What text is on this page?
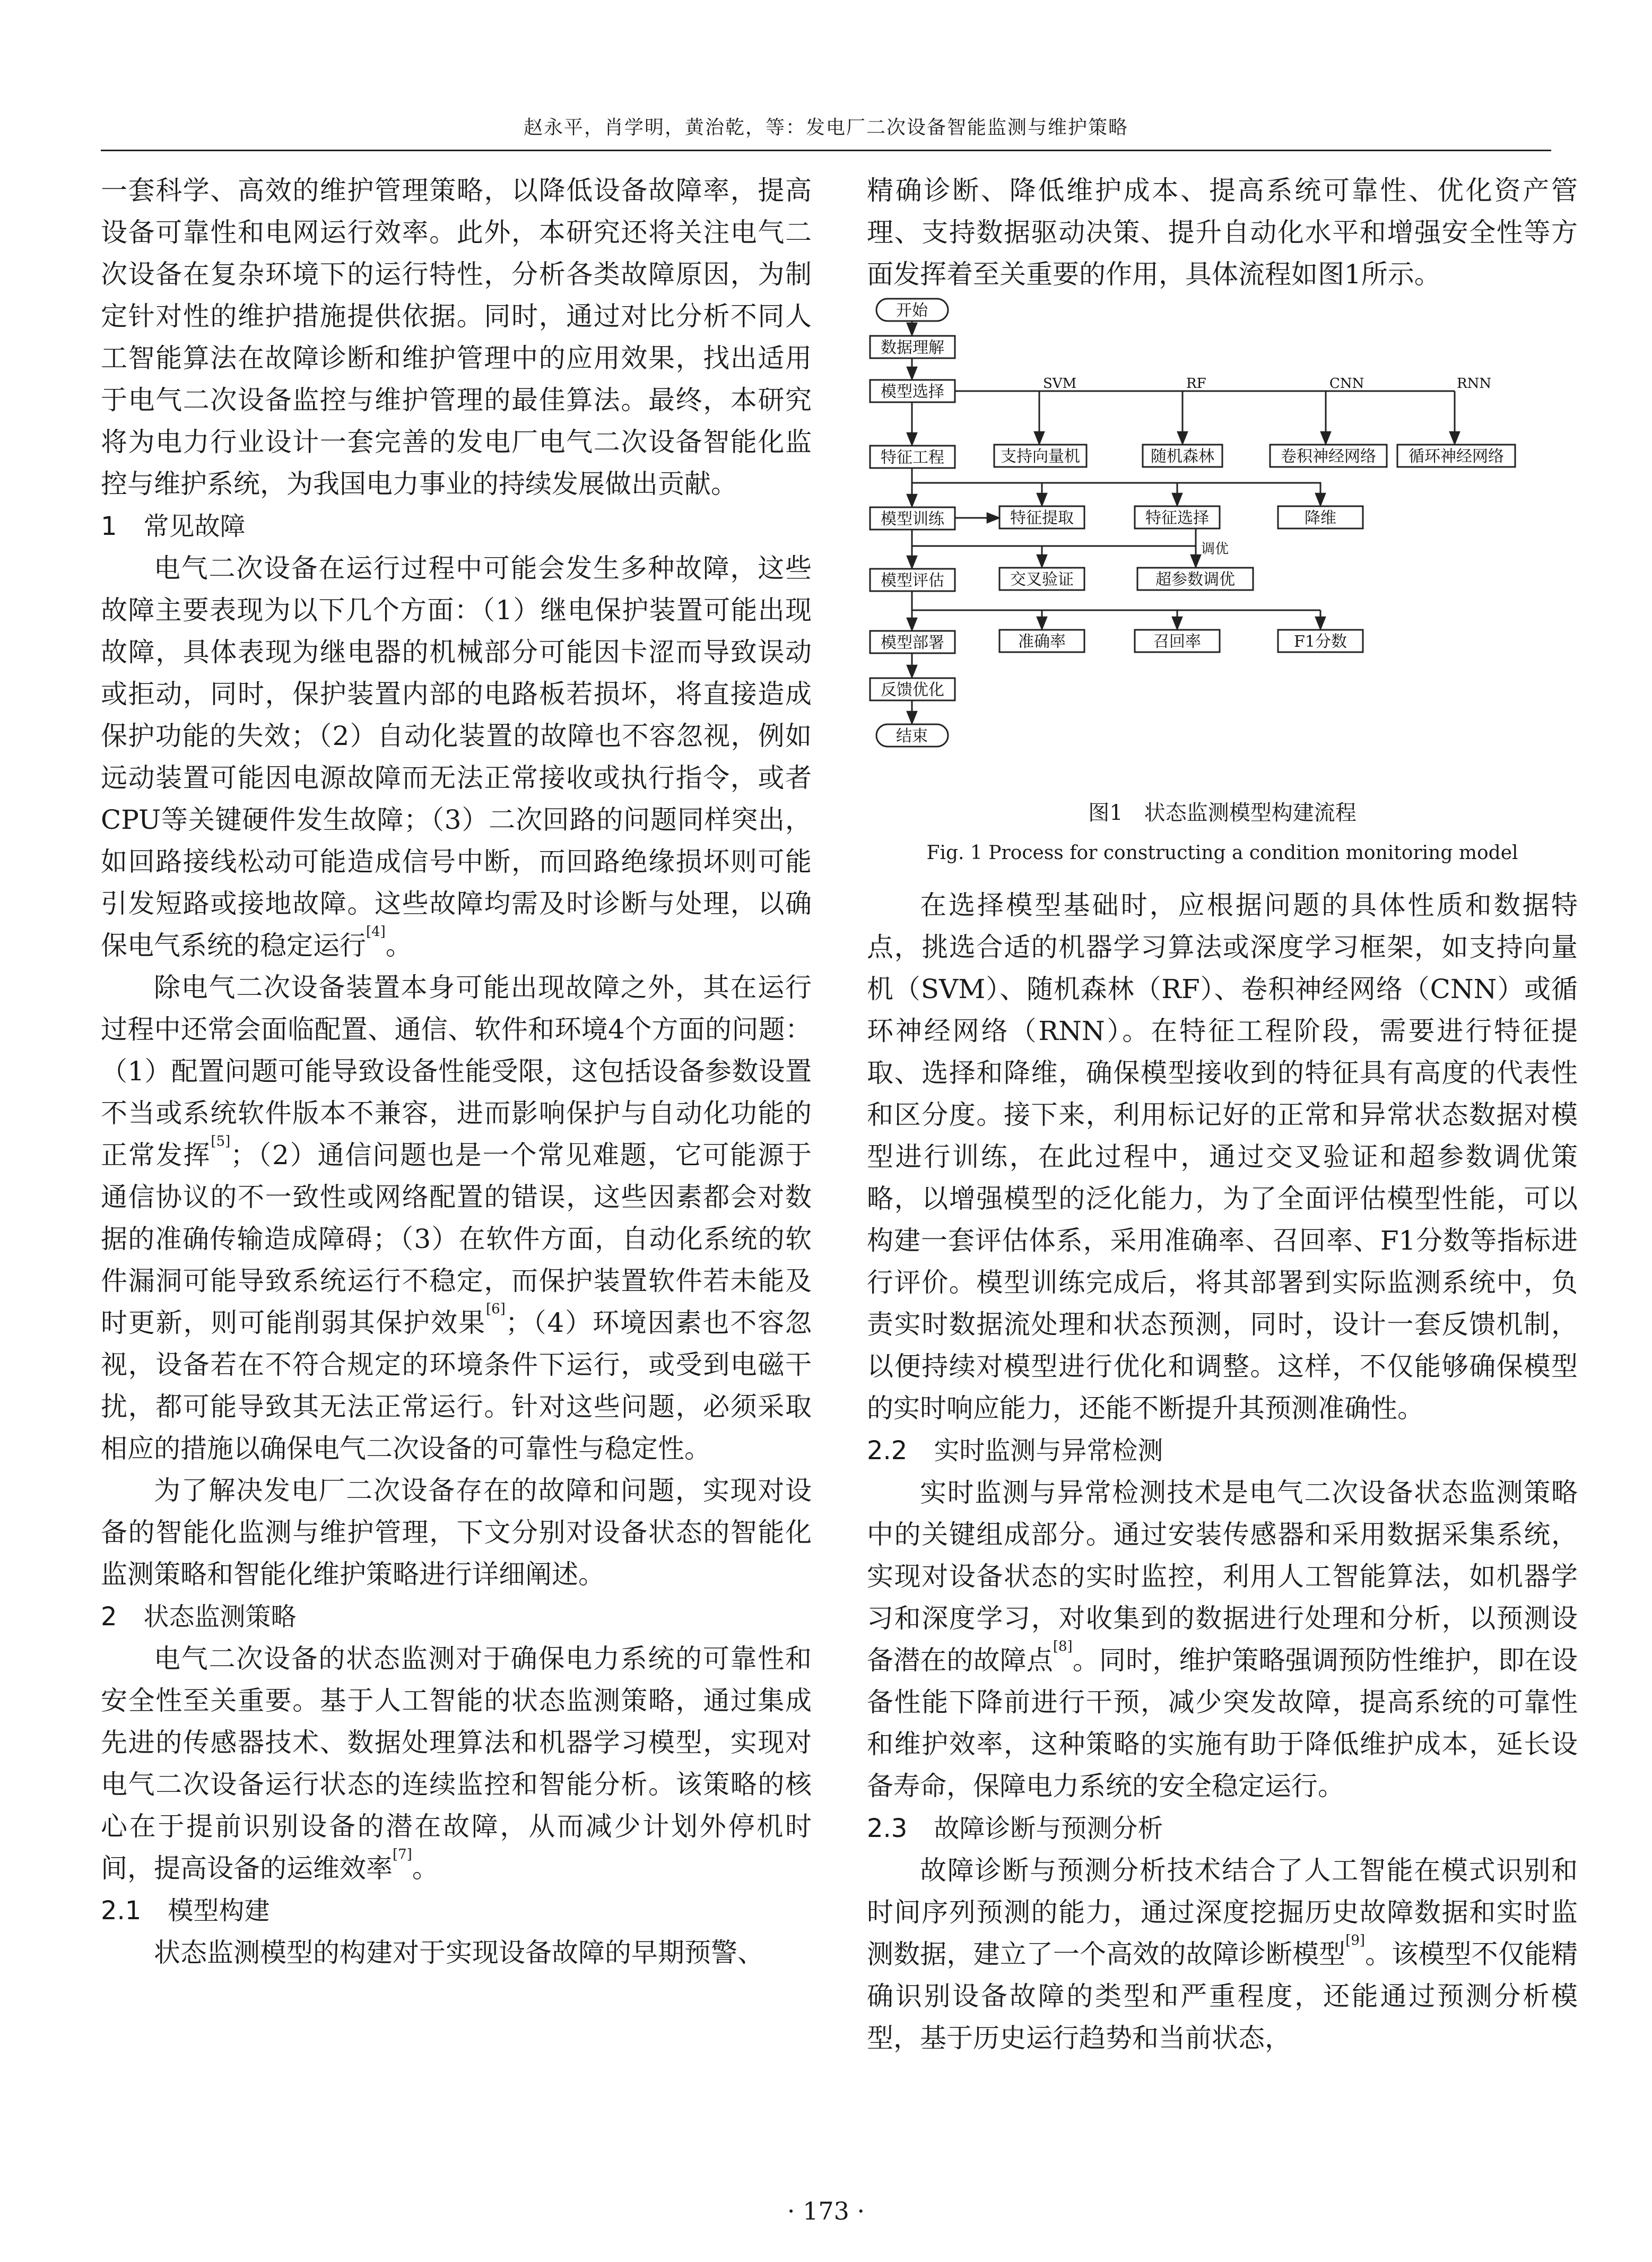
赵永平，肖学明，黄治乾，等：发电厂二次设备智能监测与维护策略

一套科学、高效的维护管理策略，以降低设备故障率，提高设备可靠性和电网运行效率。此外，本研究还将关注电气二次设备在复杂环境下的运行特性，分析各类故障原因，为制定针对性的维护措施提供依据。同时，通过对比分析不同人工智能算法在故障诊断和维护管理中的应用效果，找出适用于电气二次设备监控与维护管理的最佳算法。最终，本研究将为电力行业设计一套完善的发电厂电气二次设备智能化监控与维护系统，为我国电力事业的持续发展做出贡献。

1 常见故障

电气二次设备在运行过程中可能会发生多种故障，这些故障主要表现为以下几个方面：（1）继电保护装置可能出现故障，具体表现为继电器的机械部分可能因卡涩而导致误动或拒动，同时，保护装置内部的电路板若损坏，将直接造成保护功能的失效；（2）自动化装置的故障也不容忽视，例如远动装置可能因电源故障而无法正常接收或执行指令，或者CPU等关键硬件发生故障；（3）二次回路的问题同样突出，如回路接线松动可能造成信号中断，而回路绝缘损坏则可能引发短路或接地故障。这些故障均需及时诊断与处理，以确保电气系统的稳定运行[4]。

除电气二次设备装置本身可能出现故障之外，其在运行过程中还常会面临配置、通信、软件和环境4个方面的问题：（1）配置问题可能导致设备性能受限，这包括设备参数设置不当或系统软件版本不兼容，进而影响保护与自动化功能的正常发挥[5]；（2）通信问题也是一个常见难题，它可能源于通信协议的不一致性或网络配置的错误，这些因素都会对数据的准确传输造成障碍；（3）在软件方面，自动化系统的软件漏洞可能导致系统运行不稳定，而保护装置软件若未能及时更新，则可能削弱其保护效果[6]；（4）环境因素也不容忽视，设备若在不符合规定的环境条件下运行，或受到电磁干扰，都可能导致其无法正常运行。针对这些问题，必须采取相应的措施以确保电气二次设备的可靠性与稳定性。

为了解决发电厂二次设备存在的故障和问题，实现对设备的智能化监测与维护管理，下文分别对设备状态的智能化监测策略和智能化维护策略进行详细阐述。

2 状态监测策略

电气二次设备的状态监测对于确保电力系统的可靠性和安全性至关重要。基于人工智能的状态监测策略，通过集成先进的传感器技术、数据处理算法和机器学习模型，实现对电气二次设备运行状态的连续监控和智能分析。该策略的核心在于提前识别设备的潜在故障，从而减少计划外停机时间，提高设备的运维效率[7]。

2.1 模型构建

状态监测模型的构建对于实现设备故障的早期预警、

精确诊断、降低维护成本、提高系统可靠性、优化资产管理、支持数据驱动决策、提升自动化水平和增强安全性等方面发挥着至关重要的作用，具体流程如图1所示。

开始
数据理解
模型选择
特征工程	支持向量机	随机森林	卷积神经网络 循环神经网络
模型训练	特征提取	特征选择	降维
模型评估	交叉验证	超参数调优
模型部署	准确率	召回率	F1分数
反馈优化
结束
SVM	RF	CNN	RNN
调优
图1　状态监测模型构建流程
Fig. 1 Process for constructing a condition monitoring model

在选择模型基础时，应根据问题的具体性质和数据特点，挑选合适的机器学习算法或深度学习框架，如支持向量机（SVM）、随机森林（RF）、卷积神经网络（CNN）或循环神经网络（RNN）。在特征工程阶段，需要进行特征提取、选择和降维，确保模型接收到的特征具有高度的代表性和区分度。接下来，利用标记好的正常和异常状态数据对模型进行训练，在此过程中，通过交叉验证和超参数调优策略，以增强模型的泛化能力，为了全面评估模型性能，可以构建一套评估体系，采用准确率、召回率、F1分数等指标进行评价。模型训练完成后，将其部署到实际监测系统中，负责实时数据流处理和状态预测，同时，设计一套反馈机制，以便持续对模型进行优化和调整。这样，不仅能够确保模型的实时响应能力，还能不断提升其预测准确性。

2.2 实时监测与异常检测

实时监测与异常检测技术是电气二次设备状态监测策略中的关键组成部分。通过安装传感器和采用数据采集系统，实现对设备状态的实时监控，利用人工智能算法，如机器学习和深度学习，对收集到的数据进行处理和分析，以预测设备潜在的故障点[8]。同时，维护策略强调预防性维护，即在设备性能下降前进行干预，减少突发故障，提高系统的可靠性和维护效率，这种策略的实施有助于降低维护成本，延长设备寿命，保障电力系统的安全稳定运行。

2.3 故障诊断与预测分析

故障诊断与预测分析技术结合了人工智能在模式识别和时间序列预测的能力，通过深度挖掘历史故障数据和实时监测数据，建立了一个高效的故障诊断模型[9]。该模型不仅能精确识别设备故障的类型和严重程度，还能通过预测分析模型，基于历史运行趋势和当前状态，

· 173 ·
